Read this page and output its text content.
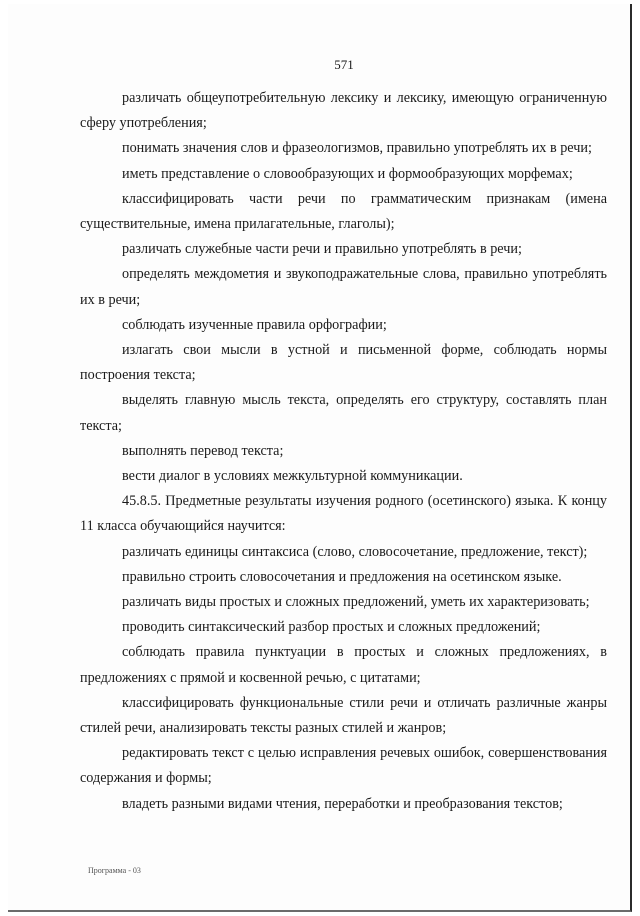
571

различать общеупотребительную лексику и лексику, имеющую ограниченную сферу употребления;

понимать значения слов и фразеологизмов, правильно употреблять их в речи;

иметь представление о словообразующих и формообразующих морфемах;

классифицировать части речи по грамматическим признакам (имена существительные, имена прилагательные, глаголы);

различать служебные части речи и правильно употреблять в речи;

определять междометия и звукоподражательные слова, правильно употреблять их в речи;

соблюдать изученные правила орфографии;

излагать свои мысли в устной и письменной форме, соблюдать нормы построения текста;

выделять главную мысль текста, определять его структуру, составлять план текста;

выполнять перевод текста;

вести диалог в условиях межкультурной коммуникации.

45.8.5. Предметные результаты изучения родного (осетинского) языка. К концу 11 класса обучающийся научится:

различать единицы синтаксиса (слово, словосочетание, предложение, текст);

правильно строить словосочетания и предложения на осетинском языке.

различать виды простых и сложных предложений, уметь их характеризовать;

проводить синтаксический разбор простых и сложных предложений;

соблюдать правила пунктуации в простых и сложных предложениях, в предложениях с прямой и косвенной речью, с цитатами;

классифицировать функциональные стили речи и отличать различные жанры стилей речи, анализировать тексты разных стилей и жанров;

редактировать текст с целью исправления речевых ошибок, совершенствования содержания и формы;

владеть разными видами чтения, переработки и преобразования текстов;

Программа - 03
